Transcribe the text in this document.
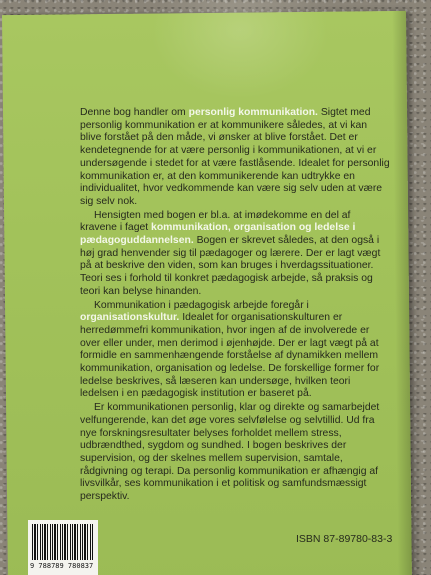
Denne bog handler om personlig kommunikation. Sigtet med personlig kommunikation er at kommunikere således, at vi kan blive forstået på den måde, vi ønsker at blive forstået. Det er kendetegnende for at være personlig i kommunikationen, at vi er undersøgende i stedet for at være fastlåsende. Idealet for personlig kommunikation er, at den kommunikerende kan udtrykke en individualitet, hvor vedkommende kan være sig selv uden at være sig selv nok.

Hensigten med bogen er bl.a. at imødekomme en del af kravene i faget kommunikation, organisation og ledelse i pædagoguddannelsen. Bogen er skrevet således, at den også i høj grad henvender sig til pædagoger og lærere. Der er lagt vægt på at beskrive den viden, som kan bruges i hverdagssituationer. Teori ses i forhold til konkret pædagogisk arbejde, så praksis og teori kan belyse hinanden.

Kommunikation i pædagogisk arbejde foregår i organisationskultur. Idealet for organisationskulturen er herredømmefri kommunikation, hvor ingen af de involverede er over eller under, men derimod i øjenhøjde. Der er lagt vægt på at formidle en sammenhængende forståelse af dynamikken mellem kommunikation, organisation og ledelse. De forskellige former for ledelse beskrives, så læseren kan undersøge, hvilken teori ledelsen i en pædagogisk institution er baseret på.

Er kommunikationen personlig, klar og direkte og samarbejdet velfungerende, kan det øge vores selvfølelse og selvtillid. Ud fra nye forskningsresultater belyses forholdet mellem stress, udbrændthed, sygdom og sundhed. I bogen beskrives der supervision, og der skelnes mellem supervision, samtale, rådgivning og terapi. Da personlig kommunikation er afhængig af livsvilkår, ses kommunikation i et politisk og samfundsmæssigt perspektiv.

9 788789 780837
ISBN 87-89780-83-3
